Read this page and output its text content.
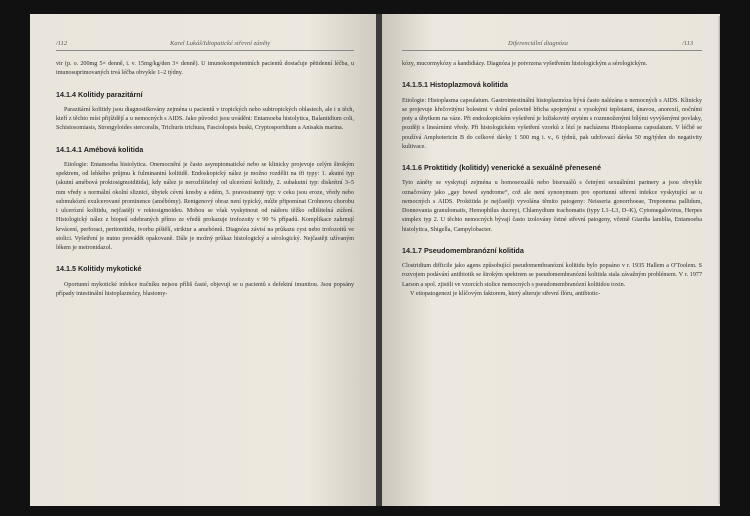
/112	Karel Lukáš/Idiopatické střevní záněty

vir (p. o. 200mg 5× denně, i. v. 15mg/kg/den 3× denně). U imunokompetentních pacientů dostačuje pětidenní léčba, u imunosuprimovaných trvá léčba obvykle 1–2 týdny.

14.1.4 Kolitidy parazitární

Parazitární kolitidy jsou diagnostikovány zejména u pacientů v tropických nebo subtropických oblastech, ale i u těch, kteří z těchto míst přijíždějí a u nemocných s AIDS. Jako původci jsou uváděni: Entamoeba histolytica, Balantidium coli, Schistosomiasis, Strongyloides stercoralis, Trichuris trichura, Fasciolopsis buski, Cryptosporidium a Anisakis marina.

14.1.4.1 Amébová kolitida

Etiologie: Entamoeba histolytica. Onemocnění je často asymptomatické nebo se klinicky projevuje celým širokým spektrem, od lehkého průjmu k fulminantní kolitidě. Endoskopický nález je možno rozdělit na tři typy: 1. akutní typ (akutní amébová proktosigmoiditida), kdy nález je nerozlišitelný od ulcerózní kolitidy, 2. subakutní typ: diskrétní 3–5 mm vředy s normální okolní sliznicí, úbytek cévní kresby a edém, 3. pravostranný typ: v ceku jsou eroze, vředy nebo submukózní exulcerované prominence (amébómy). Rentgenový obraz není typický, může připomínat Crohnovu chorobu i ulcerózní kolitidu, nejčastěji v rektosigmoideu. Mohou se však vyskytnout od nádoru těžko odlišitelná zúžení. Histologický nález z biopsií odebraných přímo ze vředů prokazuje trofozoity v 90 % případů. Komplikace zahrnují krvácení, perforaci, peritonitidu, tvorbu píštělí, striktur a amebómů. Diagnóza závisí na průkazu cyst nebo trofozoitů ve stolici. Vyšetření je nutno provádět opakovaně. Dále je možný průkaz histologický a sérologický. Nejčastěji užívaným lékem je metronidazol.

14.1.5 Kolitidy mykotické

Oportunní mykotické infekce tračníku nejsou příliš časté, objevují se u pacientů s defektní imunitou. Jsou popsány případy intestinální histoplazmózy, blastomy-

Diferenciální diagnóza	/113

kózy, mucormykózy a kandidiázy. Diagnóza je potvrzena vyšetřením histologickým a sérologickým.

14.1.5.1 Histoplazmová kolitida

Etiologie: Histoplasma capsulatum. Gastrointestinální histoplazmóza bývá často nalézána u nemocných s AIDS. Klinicky se projevuje křečovitými bolestmi v dolní polovině břicha spojenými s vysokými teplotami, únavou, anorexií, nočními poty a úbytkem na váze. Při endoskopickém vyšetření je ložiskovitý erytém s rozmnoženými bílými vyvýšenými povlaky, později s lineárními vředy. Při histologickém vyšetření vzorků z lézí je nacházena Histoplasma capsulatum. V léčbě se používá Amphotericin B do celkové dávky 1 500 mg i. v., 6 týdnů, pak udržovací dávka 50 mg/týden do negativity kultivace.

14.1.6 Proktitidy (kolitidy) venerické a sexuálně přenesené

Tyto záněty se vyskytují zejména u homosexuálů nebo bisexuálů s četnými sexuálními partnery a jsou obvykle označovány jako „gay bowel syndrome“, což ale není synonymum pro oportunní střevní infekce vyskytující se u nemocných s AIDS. Proktitida je nejčastěji vyvolána těmito patogeny: Neisseria gonorrhoeae, Treponema pallidum, Donnovania granulomatis, Hemophilus ducreyi, Chlamydium trachomatis (typy L1–L3, D–K), Cytomegalovirus, Herpes simplex typ 2. U těchto nemocných bývají často izolovány četné střevní patogeny, včetně Giardia lamblia, Entamoeba histolytica, Shigella, Campylobacter.

14.1.7 Pseudomembranózní kolitida

Clostridium difficile jako agens způsobující pseudomembranózní kolitidu bylo popsáno v r. 1935 Hallem a O'Toolem. S rozvojem podávání antibiotik se širokým spektrem se pseudomembranózní kolitida stala závažným problémem. V r. 1977 Larson a spol. zjistili ve vzorcích stolice nemocných s pseudomembranózní kolitidou toxin.

V etiopatogenezi je klíčovým faktorem, který alteruje střevní flóru, antibiotic-
